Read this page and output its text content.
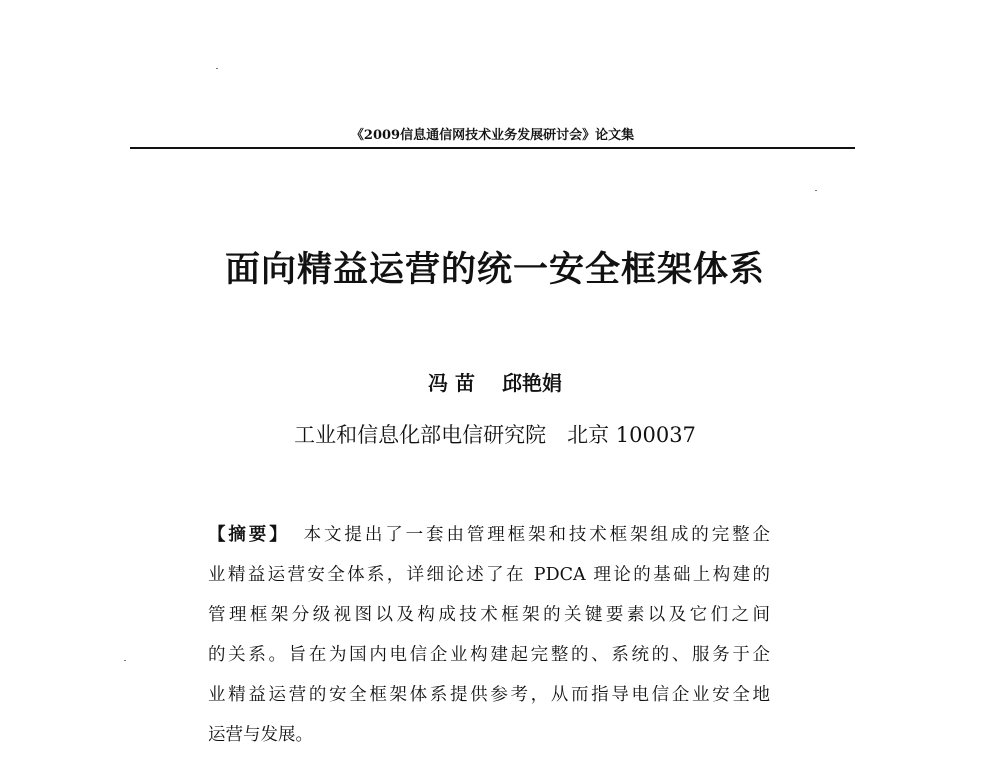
《2009信息通信网技术业务发展研讨会》论文集
面向精益运营的统一安全框架体系
冯 苗 邱艳娟
工业和信息化部电信研究院　北京 100037
【摘要】 本文提出了一套由管理框架和技术框架组成的完整企
业精益运营安全体系，详细论述了在 PDCA 理论的基础上构建的
管理框架分级视图以及构成技术框架的关键要素以及它们之间
的关系。旨在为国内电信企业构建起完整的、系统的、服务于企
业精益运营的安全框架体系提供参考，从而指导电信企业安全地
运营与发展。
